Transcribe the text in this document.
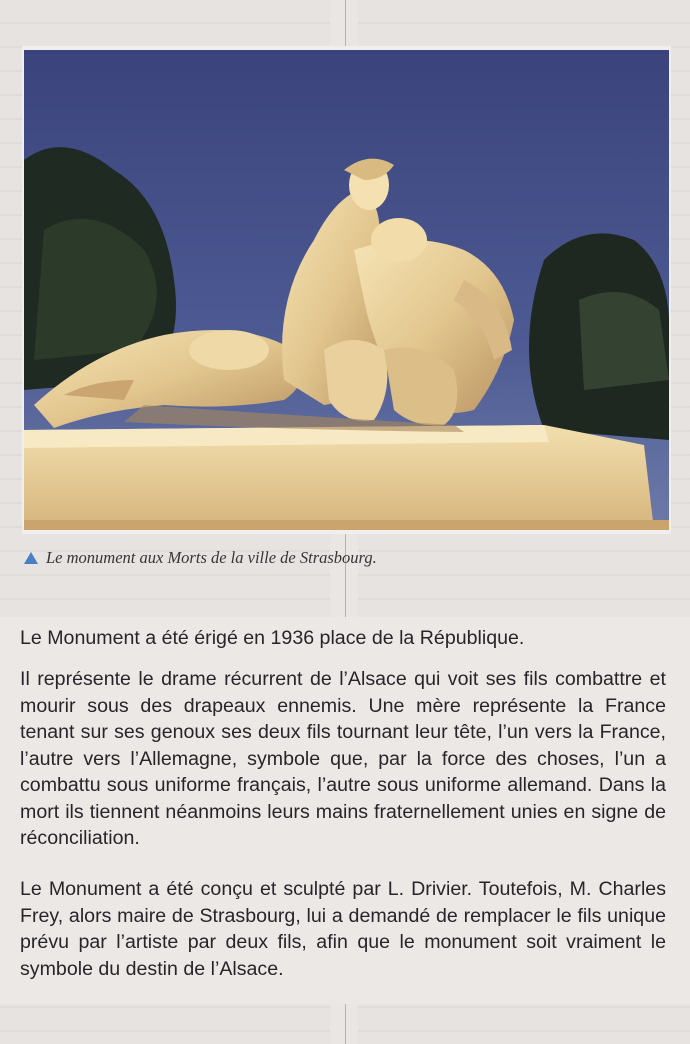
Le monument aux Morts de la ville de Strasbourg.

Le Monument a été érigé en 1936 place de la République.

Il représente le drame récurrent de l’Alsace qui voit ses fils combattre et mourir sous des drapeaux ennemis. Une mère représente la France tenant sur ses genoux ses deux fils tournant leur tête, l’un vers la France, l’autre vers l’Allemagne, symbole que, par la force des choses, l’un a combattu sous uniforme français, l’autre sous uniforme allemand. Dans la mort ils tiennent néanmoins leurs mains fraternellement unies en signe de réconciliation.

Le Monument a été conçu et sculpté par L. Drivier. Toutefois, M. Charles Frey, alors maire de Strasbourg, lui a demandé de remplacer le fils unique prévu par l’artiste par deux fils, afin que le monument soit vraiment le symbole du destin de l’Alsace.
